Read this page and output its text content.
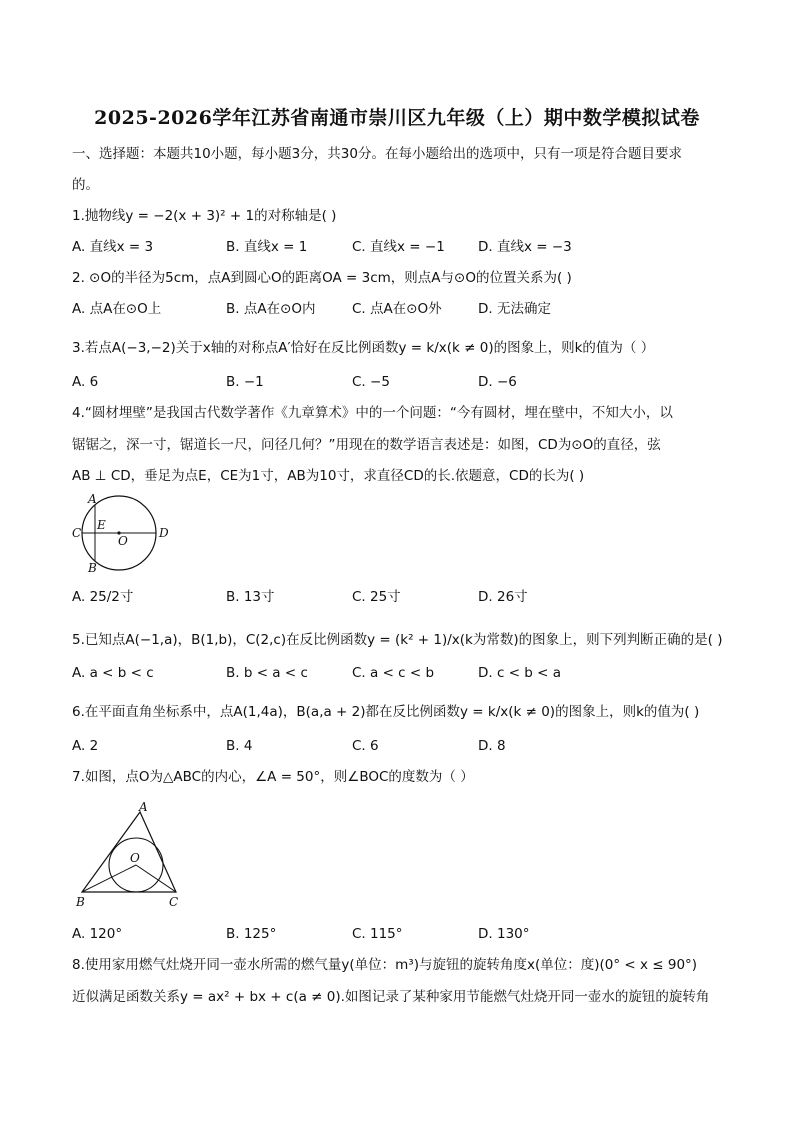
2025-2026学年江苏省南通市崇川区九年级（上）期中数学模拟试卷
一、选择题：本题共10小题，每小题3分，共30分。在每小题给出的选项中，只有一项是符合题目要求
的。
1.抛物线y = −2(x + 3)² + 1的对称轴是( )
A. 直线x = 3	B. 直线x = 1	C. 直线x = −1 D. 直线x = −3
2. ⊙O的半径为5cm，点A到圆心O的距离OA = 3cm，则点A与⊙O的位置关系为( )
A. 点A在⊙O上	B. 点A在⊙O内	C. 点A在⊙O外	D. 无法确定
3.若点A(−3,−2)关于x轴的对称点A′恰好在反比例函数y = k/x(k ≠ 0)的图象上，则k的值为（ ）
A. 6	B. −1	C. −5	D. −6
4.“圆材埋壁”是我国古代数学著作《九章算术》中的一个问题：“今有圆材，埋在壁中，不知大小，以
锯锯之，深一寸，锯道长一尺，问径几何？”用现在的数学语言表述是：如图，CD为⊙O的直径，弦
AB ⊥ CD，垂足为点E，CE为1寸，AB为10寸，求直径CD的长.依题意，CD的长为( )
A
B
C	D
E
O
A. 25/2寸	B. 13寸	C. 25寸	D. 26寸
5.已知点A(−1,a)，B(1,b)，C(2,c)在反比例函数y = (k² + 1)/x(k为常数)的图象上，则下列判断正确的是( )
A. a < b < c	B. b < a < c	C. a < c < b	D. c < b < a
6.在平面直角坐标系中，点A(1,4a)，B(a,a + 2)都在反比例函数y = k/x(k ≠ 0)的图象上，则k的值为( )
A. 2	B. 4	C. 6	D. 8
7.如图，点O为△ABC的内心，∠A = 50°，则∠BOC的度数为（ ）
A
O
B	C
A. 120°	B. 125°	C. 115°	D. 130°
8.使用家用燃气灶烧开同一壶水所需的燃气量y(单位：m³)与旋钮的旋转角度x(单位：度)(0° < x ≤ 90°)
近似满足函数关系y = ax² + bx + c(a ≠ 0).如图记录了某种家用节能燃气灶烧开同一壶水的旋钮的旋转角
